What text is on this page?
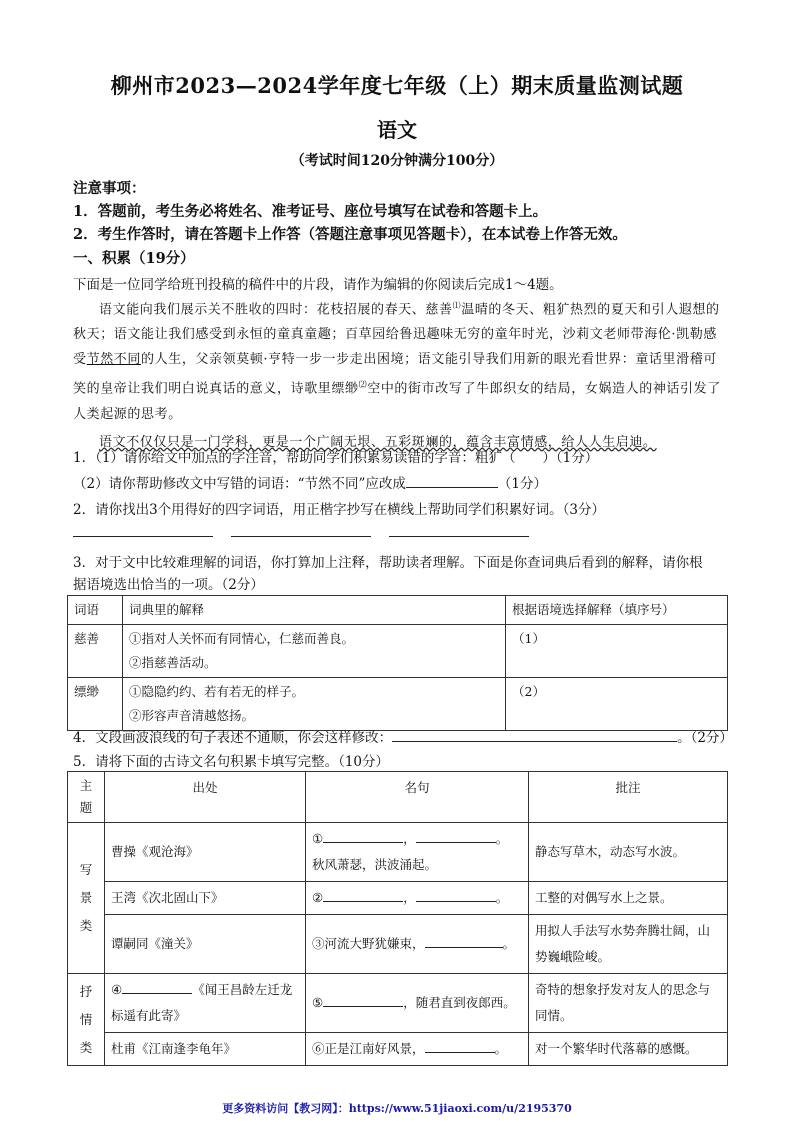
柳州市2023—2024学年度七年级（上）期末质量监测试题
语文
（考试时间120分钟满分100分）
注意事项：
1．答题前，考生务必将姓名、准考证号、座位号填写在试卷和答题卡上。
2．考生作答时，请在答题卡上作答（答题注意事项见答题卡），在本试卷上作答无效。
一、积累（19分）
下面是一位同学给班刊投稿的稿件中的片段，请作为编辑的你阅读后完成1～4题。

语文能向我们展示关不胜收的四时：花枝招展的春天、慈善⑴温晴的冬天、粗犷热烈的夏天和引人遐想的秋天；语文能让我们感受到永恒的童真童趣；百草园给鲁迅趣味无穷的童年时光，沙莉文老师带海伦·凯勒感受节然不同的人生，父亲领莫顿·亨特一步一步走出困境；语文能引导我们用新的眼光看世界：童话里滑稽可笑的皇帝让我们明白说真话的意义，诗歌里缥缈⑵空中的街市改写了牛郎织女的结局，女娲造人的神话引发了人类起源的思考。

语文不仅仅只是一门学科，更是一个广阔无垠、五彩斑斓的，蕴含丰富情感，给人人生启迪。

1．（1）请你给文中加点的字注音，帮助同学们积累易读错的字音：粗犷（　　）（1分）
（2）请你帮助修改文中写错的词语：“节然不同”应改成	（1分）
2．请你找出3个用得好的四字词语，用正楷字抄写在横线上帮助同学们积累好词。（3分）
3．对于文中比较难理解的词语，你打算加上注释，帮助读者理解。下面是你查词典后看到的解释，请你根
据语境选出恰当的一项。（2分）
词语	词典里的解释	根据语境选择解释（填序号）
慈善	①指对人关怀而有同情心，仁慈而善良。
②指慈善活动。	（1）
缥缈	①隐隐约约、若有若无的样子。
②形容声音清越悠扬。	（2）
4．文段画波浪线的句子表述不通顺，你会这样修改：	。（2分）
5．请将下面的古诗文名句积累卡填写完整。（10分）
主题	出处	名句	批注
写景类	曹操《观沧海》	① ， 。
秋风萧瑟，洪波涌起。	静态写草木，动态写水波。
	王湾《次北固山下》	② ， 。	工整的对偶写水上之景。
	谭嗣同《潼关》	③河流大野犹嫌束， 。	用拟人手法写水势奔腾壮阔，山势巍峨险峻。
抒情类	④ 《闻王昌龄左迁龙标遥有此寄》	⑤ ，随君直到夜郎西。	奇特的想象抒发对友人的思念与同情。
	杜甫《江南逢李龟年》	⑥正是江南好风景， 。	对一个繁华时代落幕的感慨。
更多资料访问【教习网】：https://www.51jiaoxi.com/u/2195370
